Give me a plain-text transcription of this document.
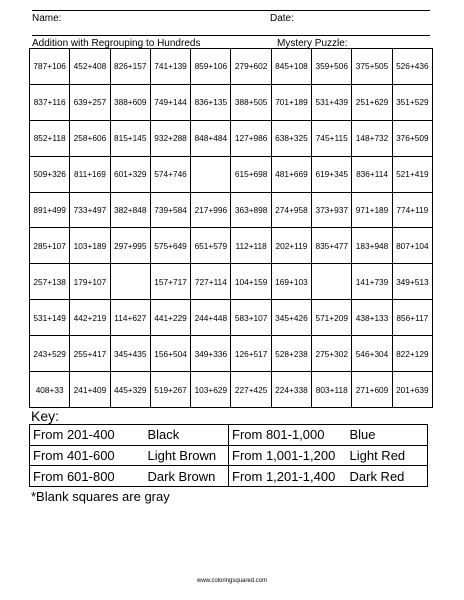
Name:	Date:
Addition with Regrouping to Hundreds	Mystery Puzzle:
787+106	452+408	826+157	741+139	859+106	279+602	845+108	359+506	375+505	526+436
837+116	639+257	388+609	749+144	836+135	388+505	701+189	531+439	251+629	351+529
852+118	258+606	815+145	932+288	848+484	127+986	638+325	745+115	148+732	376+509
509+326	811+169	601+329	574+746		615+698	481+669	619+345	836+114	521+419
891+499	733+497	382+848	739+584	217+996	363+898	274+958	373+937	971+189	774+119
285+107	103+189	297+995	575+649	651+579	112+118	202+119	835+477	183+948	807+104
257+138	179+107		157+717	727+114	104+159	169+103		141+739	349+513
531+149	442+219	114+627	441+229	244+448	583+107	345+426	571+209	438+133	856+117
243+529	255+417	345+435	156+504	349+336	126+517	528+238	275+302	546+304	822+129
408+33	241+409	445+329	519+267	103+629	227+425	224+338	803+118	271+609	201+639
Key:
From 201-400	Black	From 801-1,000	Blue
From 401-600	Light Brown	From 1,001-1,200	Light Red
From 601-800	Dark Brown	From 1,201-1,400	Dark Red
*Blank squares are gray
www.coloringsquared.com
